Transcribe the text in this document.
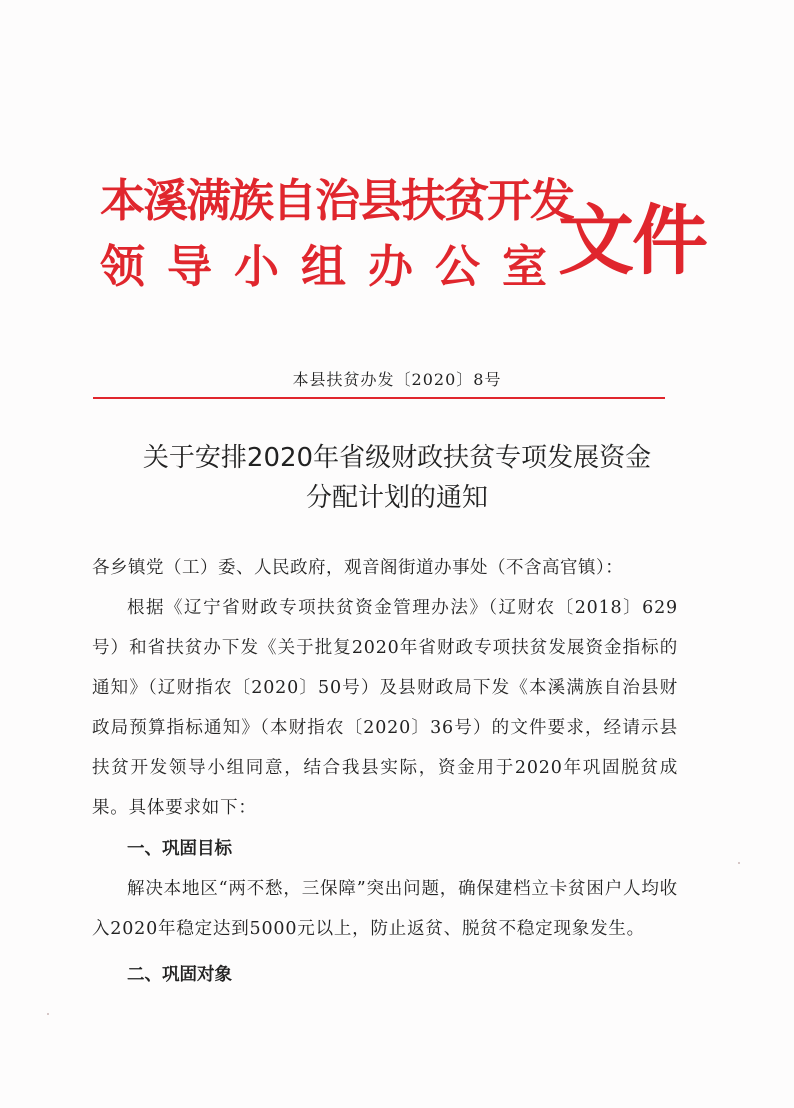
本溪满族自治县扶贫开发
领导小组办公室
文件
本县扶贫办发〔2020〕8号
关于安排2020年省级财政扶贫专项发展资金
分配计划的通知

各乡镇党（工）委、人民政府，观音阁街道办事处（不含高官镇）：

根据《辽宁省财政专项扶贫资金管理办法》（辽财农〔2018〕629号）和省扶贫办下发《关于批复2020年省财政专项扶贫发展资金指标的通知》（辽财指农〔2020〕50号）及县财政局下发《本溪满族自治县财政局预算指标通知》（本财指农〔2020〕36号）的文件要求，经请示县扶贫开发领导小组同意，结合我县实际，资金用于2020年巩固脱贫成果。具体要求如下：

一、巩固目标

解决本地区“两不愁，三保障”突出问题，确保建档立卡贫困户人均收入2020年稳定达到5000元以上，防止返贫、脱贫不稳定现象发生。

二、巩固对象
